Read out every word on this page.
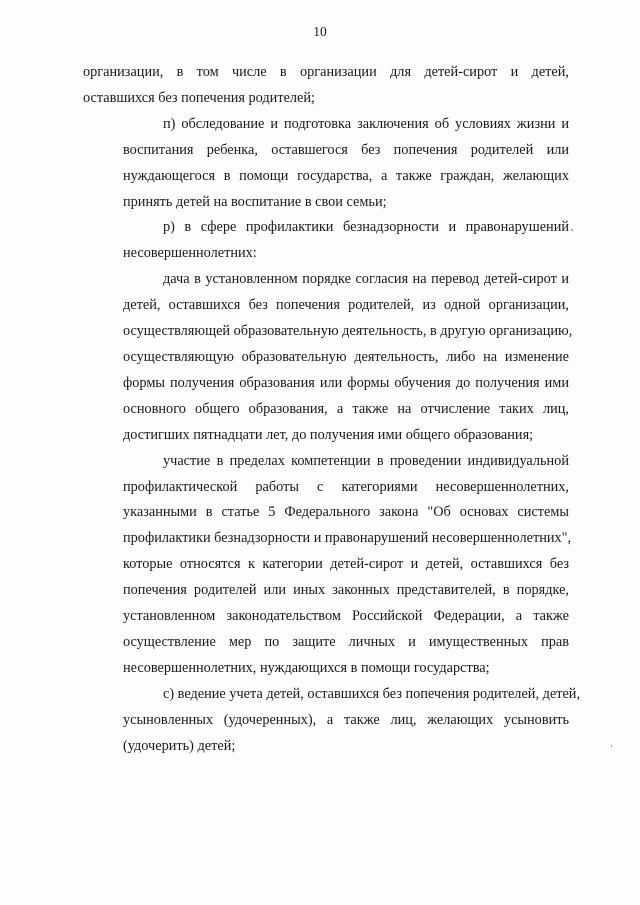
10
организации, в том числе в организации для детей-сирот и детей,
оставшихся без попечения родителей;
п) обследование и подготовка заключения об условиях жизни и
воспитания ребенка, оставшегося без попечения родителей или
нуждающегося в помощи государства, а также граждан, желающих
принять детей на воспитание в свои семьи;
р) в сфере профилактики безнадзорности и правонарушений
несовершеннолетних:
дача в установленном порядке согласия на перевод детей-сирот и
детей, оставшихся без попечения родителей, из одной организации,
осуществляющей образовательную деятельность, в другую организацию,
осуществляющую образовательную деятельность, либо на изменение
формы получения образования или формы обучения до получения ими
основного общего образования, а также на отчисление таких лиц,
достигших пятнадцати лет, до получения ими общего образования;
участие в пределах компетенции в проведении индивидуальной
профилактической работы с категориями несовершеннолетних,
указанными в статье 5 Федерального закона "Об основах системы
профилактики безнадзорности и правонарушений несовершеннолетних",
которые относятся к категории детей-сирот и детей, оставшихся без
попечения родителей или иных законных представителей, в порядке,
установленном законодательством Российской Федерации, а также
осуществление мер по защите личных и имущественных прав
несовершеннолетних, нуждающихся в помощи государства;
с) ведение учета детей, оставшихся без попечения родителей, детей,
усыновленных (удочеренных), а также лиц, желающих усыновить
(удочерить) детей;
